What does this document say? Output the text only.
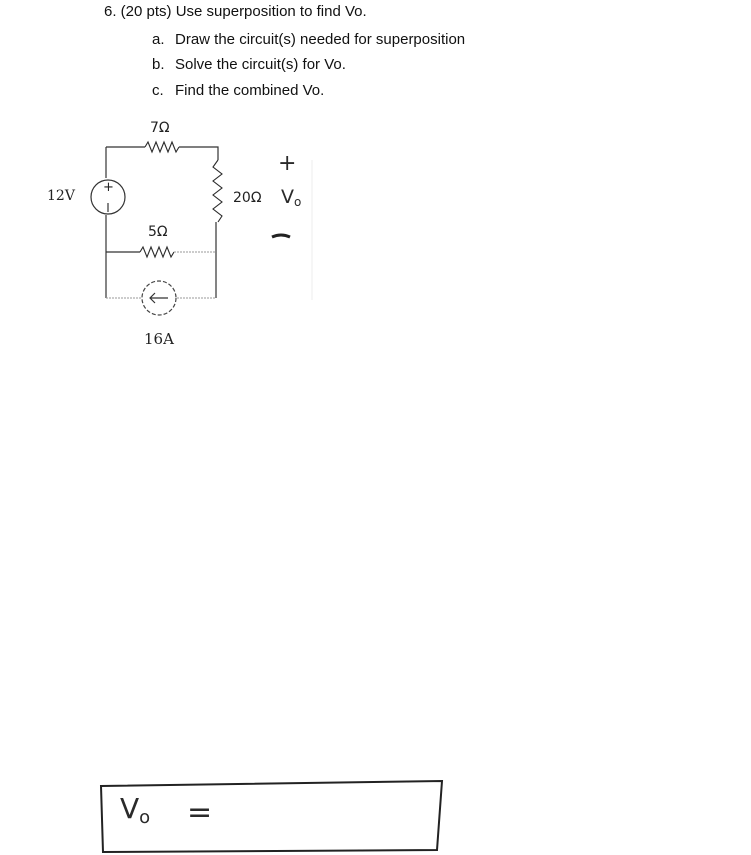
6. (20 pts) Use superposition to find Vo.
a. Draw the circuit(s) needed for superposition
b. Solve the circuit(s) for Vo.
c. Find the combined Vo.
7Ω
+
12V
5Ω
20Ω
16A
+
Vo
Vo =
